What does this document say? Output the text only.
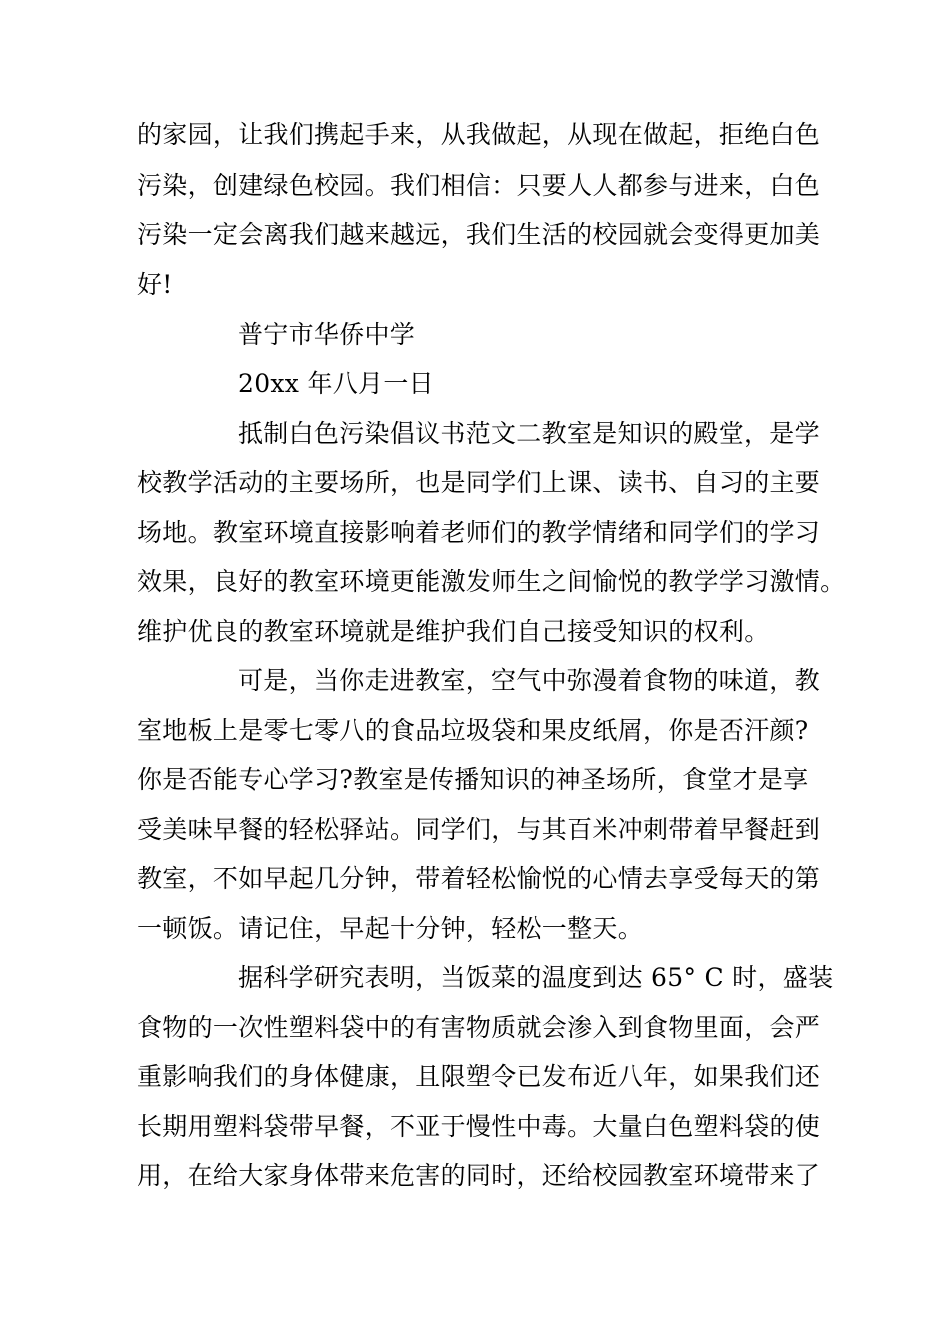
的家园，让我们携起手来，从我做起，从现在做起，拒绝白色
污染，创建绿色校园。我们相信：只要人人都参与进来，白色
污染一定会离我们越来越远，我们生活的校园就会变得更加美
好!
普宁市华侨中学
20xx 年八月一日
抵制白色污染倡议书范文二教室是知识的殿堂，是学
校教学活动的主要场所，也是同学们上课、读书、自习的主要
场地。教室环境直接影响着老师们的教学情绪和同学们的学习
效果，良好的教室环境更能激发师生之间愉悦的教学学习激情。
维护优良的教室环境就是维护我们自己接受知识的权利。
可是，当你走进教室，空气中弥漫着食物的味道，教
室地板上是零七零八的食品垃圾袋和果皮纸屑，你是否汗颜?
你是否能专心学习?教室是传播知识的神圣场所，食堂才是享
受美味早餐的轻松驿站。同学们，与其百米冲刺带着早餐赶到
教室，不如早起几分钟，带着轻松愉悦的心情去享受每天的第
一顿饭。请记住，早起十分钟，轻松一整天。
据科学研究表明，当饭菜的温度到达 65° C 时，盛装
食物的一次性塑料袋中的有害物质就会渗入到食物里面，会严
重影响我们的身体健康，且限塑令已发布近八年，如果我们还
长期用塑料袋带早餐，不亚于慢性中毒。大量白色塑料袋的使
用，在给大家身体带来危害的同时，还给校园教室环境带来了
